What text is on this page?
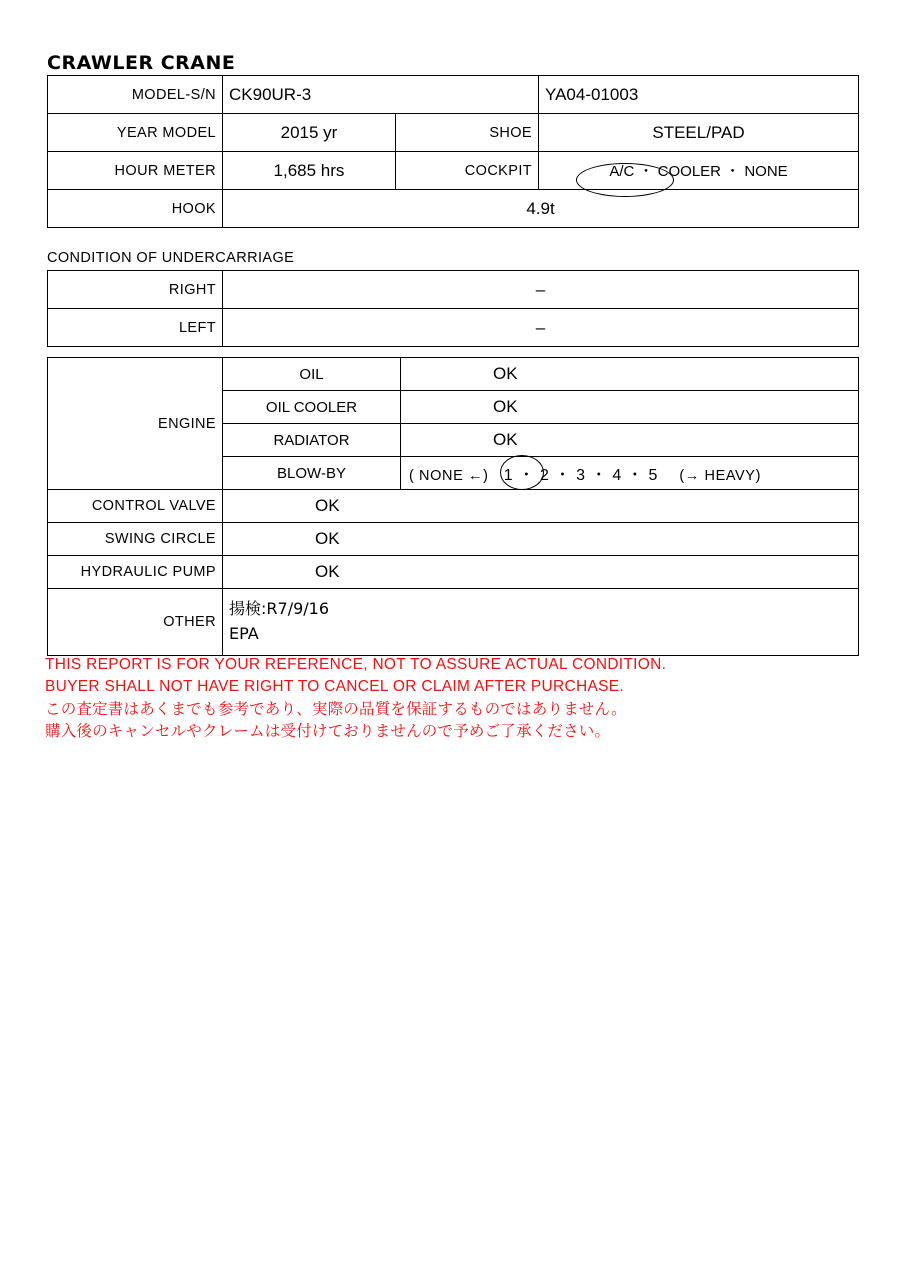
CRAWLER CRANE
MODEL-S/N	CK90UR-3		YA04-01003
YEAR MODEL	2015 yr	SHOE	STEEL/PAD
HOUR METER	1,685 hrs	COCKPIT	A/C ・ COOLER ・ NONE
HOOK	4.9t		
CONDITION OF UNDERCARRIAGE
RIGHT	–
LEFT	–
ENGINE	OIL	OK
	OIL COOLER	OK
	RADIATOR	OK
	BLOW-BY	( NONE ←) 1 ・ 2 ・ 3 ・ 4 ・ 5 (→ HEAVY)
CONTROL VALVE	OK	
SWING CIRCLE	OK	
HYDRAULIC PUMP	OK	
OTHER	揚検:R7/9/16
EPA	
THIS REPORT IS FOR YOUR REFERENCE, NOT TO ASSURE ACTUAL CONDITION.
BUYER SHALL NOT HAVE RIGHT TO CANCEL OR CLAIM AFTER PURCHASE.
この査定書はあくまでも参考であり、実際の品質を保証するものではありません。
購入後のキャンセルやクレームは受付けておりませんので予めご了承ください。
